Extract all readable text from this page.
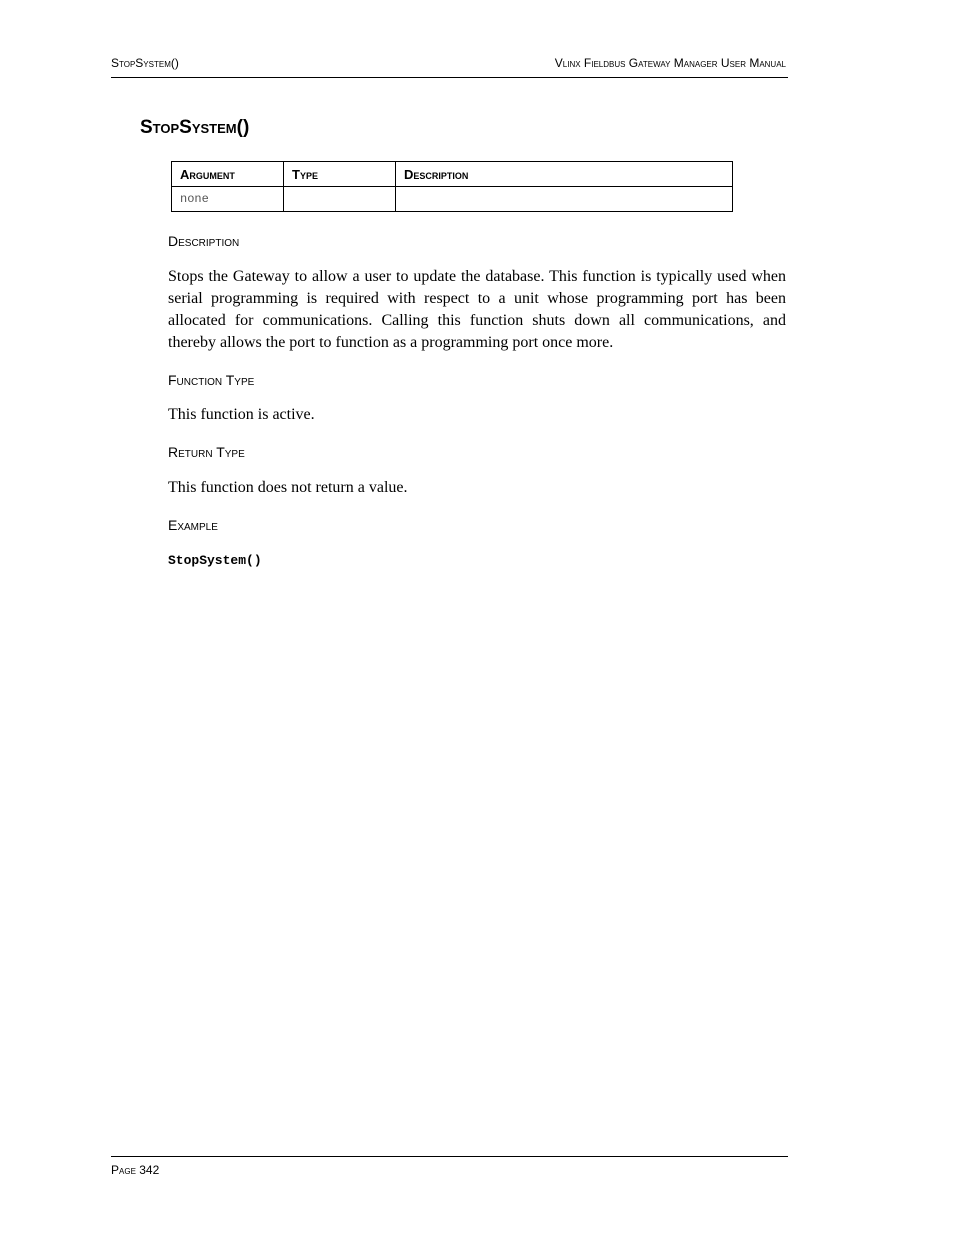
StopSystem()	Vlinx Fieldbus Gateway Manager User Manual
StopSystem()
Argument	Type	Description
none		
Description
Stops the Gateway to allow a user to update the database. This function is typically used when serial programming is required with respect to a unit whose programming port has been allocated for communications. Calling this function shuts down all communications, and thereby allows the port to function as a programming port once more.
Function Type
This function is active.
Return Type
This function does not return a value.
Example
StopSystem()
Page 342
